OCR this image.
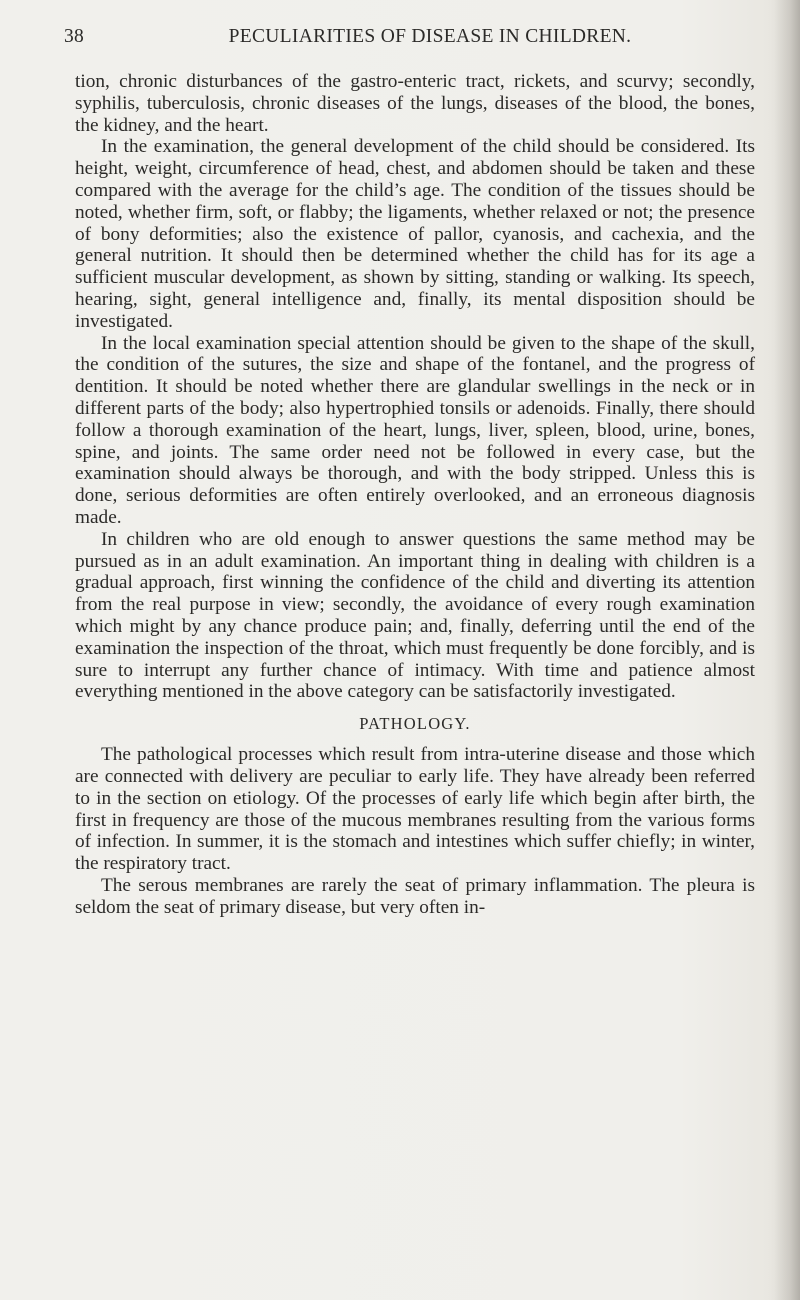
38	PECULIARITIES OF DISEASE IN CHILDREN.

tion, chronic disturbances of the gastro-enteric tract, rickets, and scurvy; secondly, syphilis, tuberculosis, chronic diseases of the lungs, diseases of the blood, the bones, the kidney, and the heart.

In the examination, the general development of the child should be considered. Its height, weight, circumference of head, chest, and abdomen should be taken and these compared with the average for the child’s age. The condition of the tissues should be noted, whether firm, soft, or flabby; the ligaments, whether relaxed or not; the presence of bony deformities; also the existence of pallor, cyanosis, and cachexia, and the general nutrition. It should then be determined whether the child has for its age a sufficient muscular development, as shown by sitting, standing or walking. Its speech, hearing, sight, general intelligence and, finally, its mental disposition should be investigated.

In the local examination special attention should be given to the shape of the skull, the condition of the sutures, the size and shape of the fontanel, and the progress of dentition. It should be noted whether there are glandular swellings in the neck or in different parts of the body; also hypertrophied tonsils or adenoids. Finally, there should follow a thorough examination of the heart, lungs, liver, spleen, blood, urine, bones, spine, and joints. The same order need not be followed in every case, but the examination should always be thorough, and with the body stripped. Unless this is done, serious deformities are often entirely overlooked, and an erroneous diagnosis made.

In children who are old enough to answer questions the same method may be pursued as in an adult examination. An important thing in dealing with children is a gradual approach, first winning the confidence of the child and diverting its attention from the real purpose in view; secondly, the avoidance of every rough examination which might by any chance produce pain; and, finally, deferring until the end of the examination the inspection of the throat, which must frequently be done forcibly, and is sure to interrupt any further chance of intimacy. With time and patience almost everything mentioned in the above category can be satisfactorily investigated.

PATHOLOGY.

The pathological processes which result from intra-uterine disease and those which are connected with delivery are peculiar to early life. They have already been referred to in the section on etiology. Of the processes of early life which begin after birth, the first in frequency are those of the mucous membranes resulting from the various forms of infection. In summer, it is the stomach and intestines which suffer chiefly; in winter, the respiratory tract.

The serous membranes are rarely the seat of primary inflammation. The pleura is seldom the seat of primary disease, but very often in-
